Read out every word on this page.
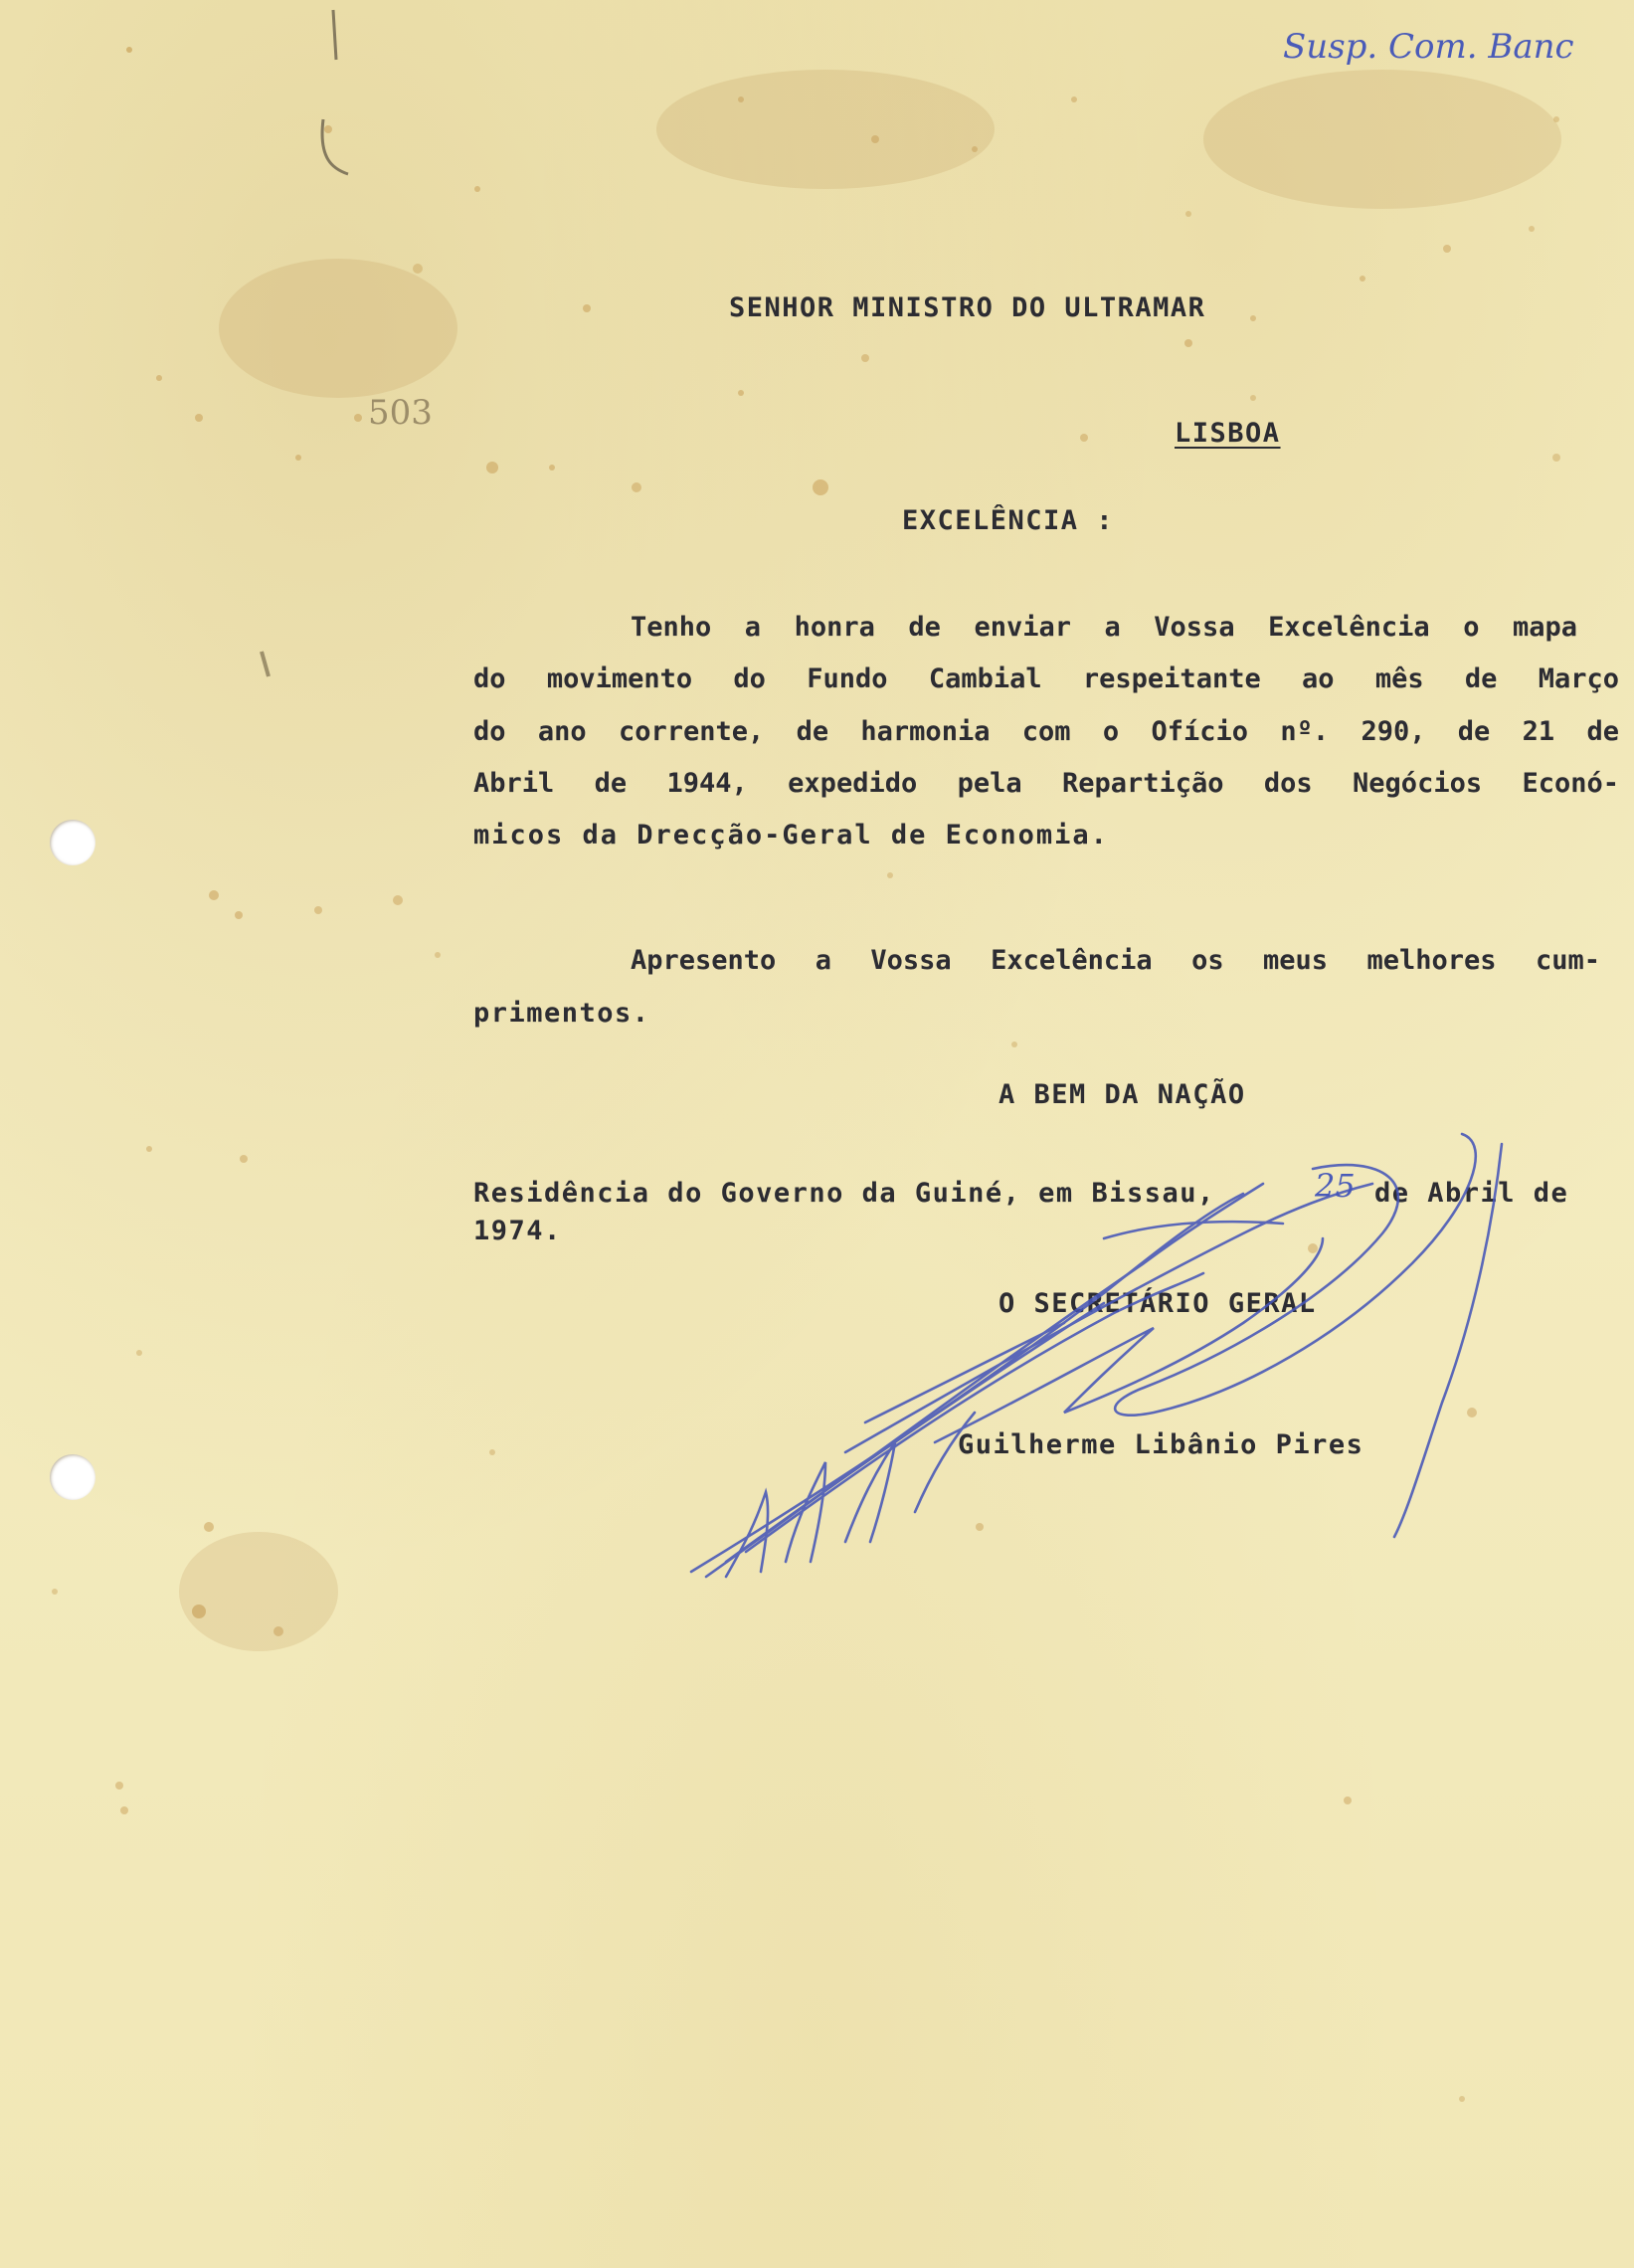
Susp. Com. Banc
503
SENHOR MINISTRO DO ULTRAMAR
LISBOA
EXCELÊNCIA :
Tenho a honra de enviar a Vossa Excelência o mapa
do movimento do Fundo Cambial respeitante ao mês de Março
do ano corrente, de harmonia com o Ofício nº. 290, de 21 de
Abril de 1944, expedido pela Repartição dos Negócios Econó-
micos da Drecção-Geral de Economia.
Apresento a Vossa Excelência os meus melhores cum-
primentos.
A BEM DA NAÇÃO
Residência do Governo da Guiné, em Bissau,	25 de Abril de
1974.
O SECRETÁRIO GERAL
Guilherme Libânio Pires
